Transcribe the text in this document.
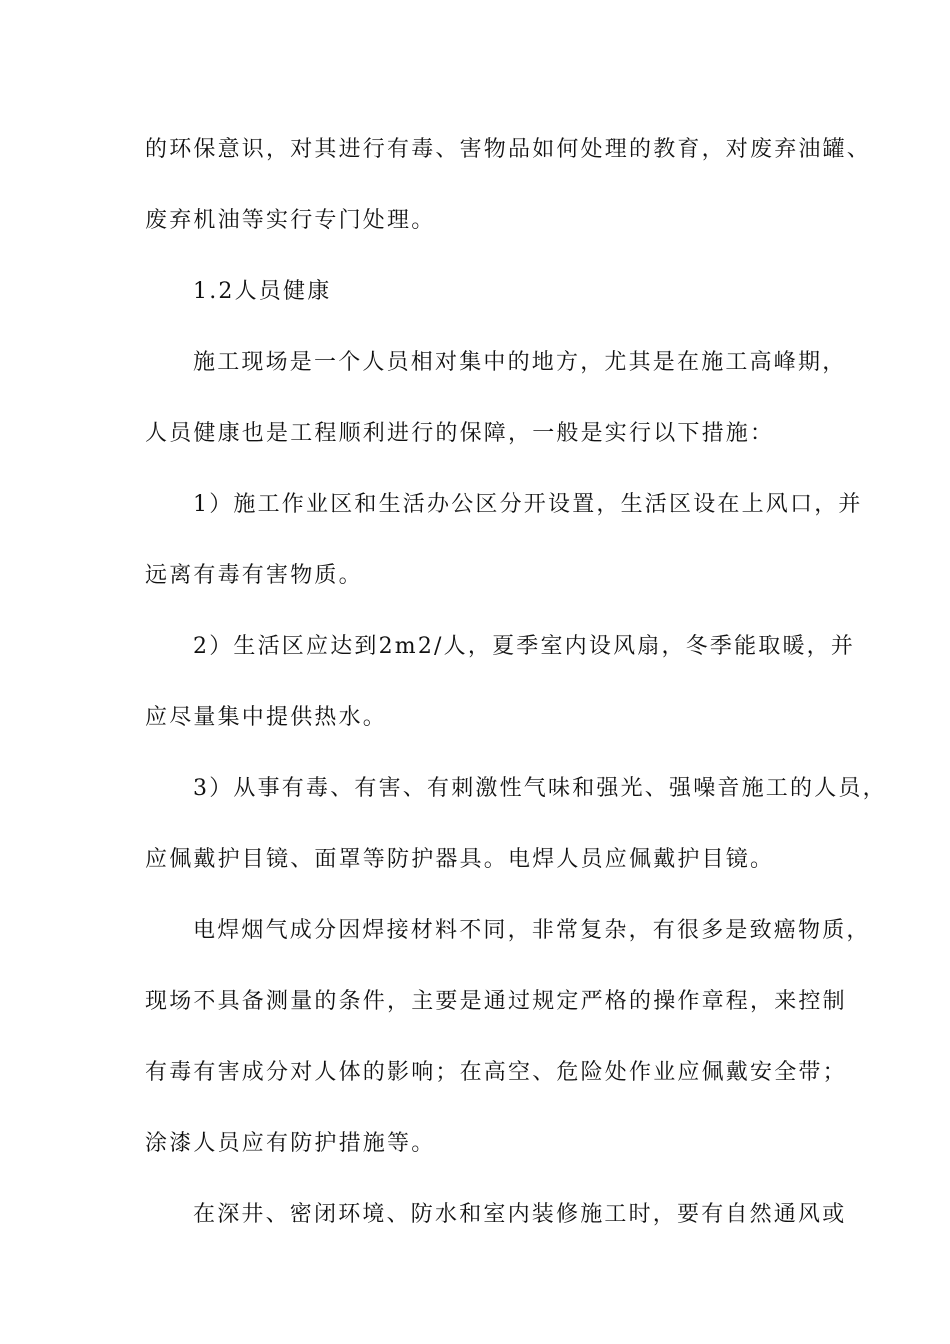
的环保意识，对其进行有毒、害物品如何处理的教育，对废弃油罐、
废弃机油等实行专门处理。
1.2人员健康
施工现场是一个人员相对集中的地方，尤其是在施工高峰期，
人员健康也是工程顺利进行的保障，一般是实行以下措施：
1）施工作业区和生活办公区分开设置，生活区设在上风口，并
远离有毒有害物质。
2）生活区应达到2m2/人，夏季室内设风扇，冬季能取暖，并
应尽量集中提供热水。
3）从事有毒、有害、有刺激性气味和强光、强噪音施工的人员，
应佩戴护目镜、面罩等防护器具。电焊人员应佩戴护目镜。
电焊烟气成分因焊接材料不同，非常复杂，有很多是致癌物质，
现场不具备测量的条件，主要是通过规定严格的操作章程，来控制
有毒有害成分对人体的影响；在高空、危险处作业应佩戴安全带；
涂漆人员应有防护措施等。
在深井、密闭环境、防水和室内装修施工时，要有自然通风或
